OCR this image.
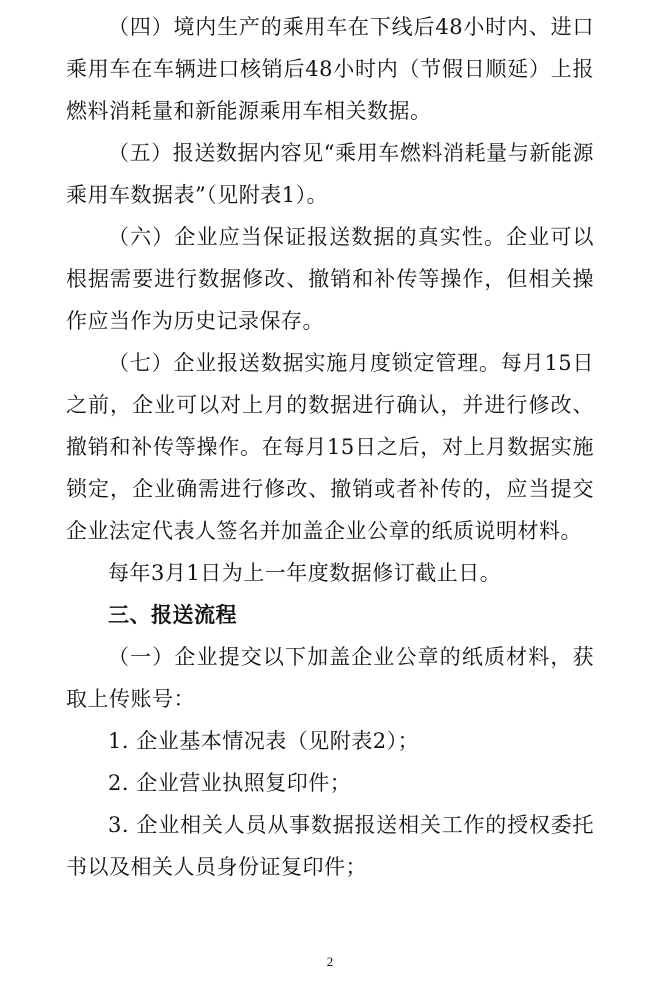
（四）境内生产的乘用车在下线后48小时内、进口乘用车在车辆进口核销后48小时内（节假日顺延）上报燃料消耗量和新能源乘用车相关数据。

（五）报送数据内容见“乘用车燃料消耗量与新能源乘用车数据表”（见附表1）。

（六）企业应当保证报送数据的真实性。企业可以根据需要进行数据修改、撤销和补传等操作，但相关操作应当作为历史记录保存。

（七）企业报送数据实施月度锁定管理。每月15日之前，企业可以对上月的数据进行确认，并进行修改、撤销和补传等操作。在每月15日之后，对上月数据实施锁定，企业确需进行修改、撤销或者补传的，应当提交企业法定代表人签名并加盖企业公章的纸质说明材料。

每年3月1日为上一年度数据修订截止日。

三、报送流程

（一）企业提交以下加盖企业公章的纸质材料，获取上传账号：

1. 企业基本情况表（见附表2）；

2. 企业营业执照复印件；

3. 企业相关人员从事数据报送相关工作的授权委托书以及相关人员身份证复印件；

2
